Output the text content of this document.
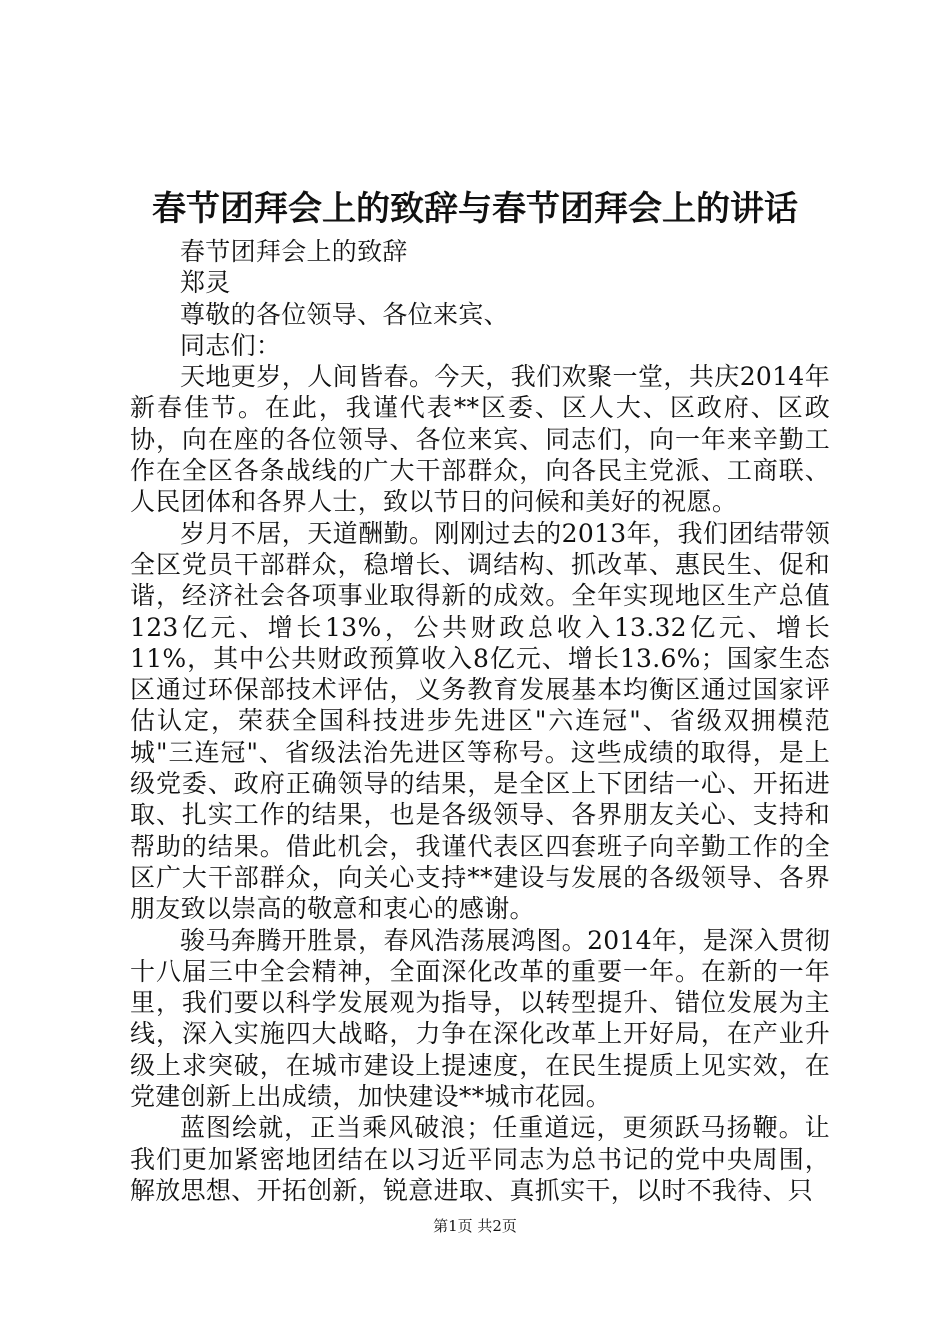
春节团拜会上的致辞与春节团拜会上的讲话

春节团拜会上的致辞

郑灵

尊敬的各位领导、各位来宾、

同志们：

天地更岁，人间皆春。今天，我们欢聚一堂，共庆2014年新春佳节。在此，我谨代表**区委、区人大、区政府、区政协，向在座的各位领导、各位来宾、同志们，向一年来辛勤工作在全区各条战线的广大干部群众，向各民主党派、工商联、人民团体和各界人士，致以节日的问候和美好的祝愿。

岁月不居，天道酬勤。刚刚过去的2013年，我们团结带领全区党员干部群众，稳增长、调结构、抓改革、惠民生、促和谐，经济社会各项事业取得新的成效。全年实现地区生产总值123亿元、增长13%，公共财政总收入13.32亿元、增长11%，其中公共财政预算收入8亿元、增长13.6%；国家生态区通过环保部技术评估，义务教育发展基本均衡区通过国家评估认定，荣获全国科技进步先进区"六连冠"、省级双拥模范城"三连冠"、省级法治先进区等称号。这些成绩的取得，是上级党委、政府正确领导的结果，是全区上下团结一心、开拓进取、扎实工作的结果，也是各级领导、各界朋友关心、支持和帮助的结果。借此机会，我谨代表区四套班子向辛勤工作的全区广大干部群众，向关心支持**建设与发展的各级领导、各界朋友致以崇高的敬意和衷心的感谢。

骏马奔腾开胜景，春风浩荡展鸿图。2014年，是深入贯彻十八届三中全会精神，全面深化改革的重要一年。在新的一年里，我们要以科学发展观为指导，以转型提升、错位发展为主线，深入实施四大战略，力争在深化改革上开好局，在产业升级上求突破，在城市建设上提速度，在民生提质上见实效，在党建创新上出成绩，加快建设**城市花园。

蓝图绘就，正当乘风破浪；任重道远，更须跃马扬鞭。让我们更加紧密地团结在以习近平同志为总书记的党中央周围，解放思想、开拓创新，锐意进取、真抓实干，以时不我待、只

第1页 共2页
